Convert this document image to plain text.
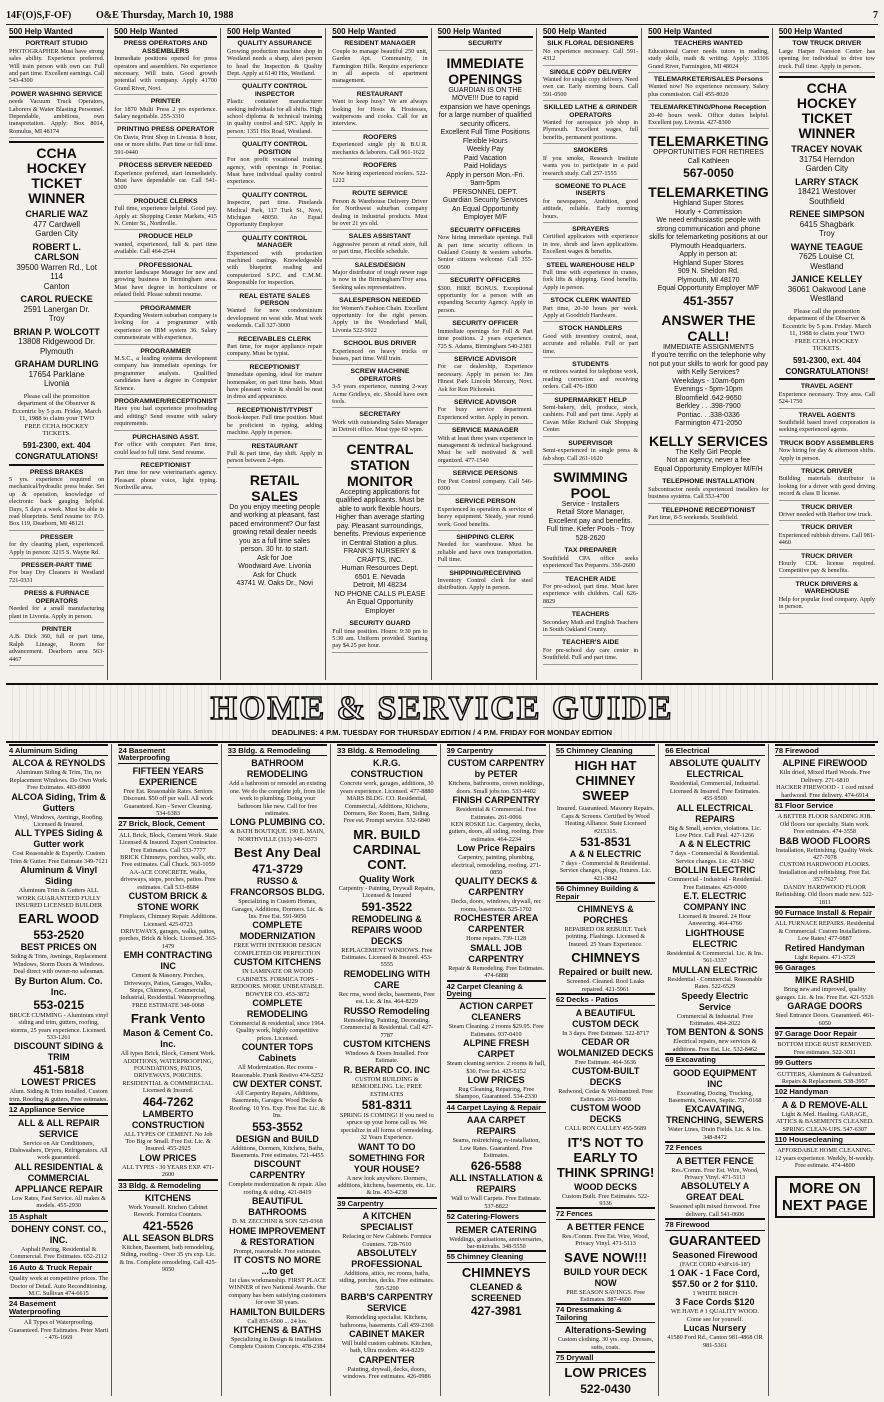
14F(O)S,F-OF)	O&E Thursday, March 10, 1988	7
500 Help Wanted
PORTRAIT STUDIO
PHOTOGRAPHER Must have strong sales ability. Experience preferred. Will train person with own car. Full and part time. Excellent earnings. Call 543-4300
POWER WASHING SERVICE
needs Vacuum Truck Operators, Laborers & Water Blasting Personnel. Dependable, ambitious, own transportation. Apply: Box 8014, Romulus, MI 48174
CCHA HOCKEY TICKET WINNER
CHARLIE WAZ
477 Cardwell
Garden City
ROBERT L. CARLSON
39500 Warren Rd., Lot 114
Canton
CAROL RUECKE
2591 Lanergan Dr.
Troy
BRIAN P. WOLCOTT
13808 Ridgewood Dr.
Plymouth
GRAHAM DURLING
17654 Parklane
Livonia
Please call the promotion department of the Observer & Eccentric by 5 p.m. Friday, March 11, 1988 to claim your TWO FREE CCHA HOCKEY TICKETS.
591-2300, ext. 404
CONGRATULATIONS!
PRESS BRAKES
5 yrs. experience required on mechanical/hydraulic press brake. Set up & operation, knowledge of electronic back gauging helpful. Days, 5 days a week. Must be able to read blueprints. Send resume to: P.O. Box 119, Dearborn, MI 48121
PRESSER
for dry cleaning plant, experienced. Apply in person: 3215 S. Wayne Rd.
PRESSER-PART TIME
For busy Dry Cleaners in Westland 721-0331
PRESS & FURNACE OPERATORS
Needed for a small manufacturing plant in Livonia. Apply in person.
PRINTER
A.B. Dick 360, full or part time, Ralph Lineage, Room for advancement. Dearborn area 563-4467
500 Help Wanted
PRESS OPERATORS AND ASSEMBLERS
Immediate positions opened for press operators and assemblers. No experience necessary. Will train. Good growth potential with company. Apply 41700 Grand River, Novi.
PRINTER
for 1870 Multi Press 2 yrs experience. Salary negotiable. 255-3310
PRINTING PRESS OPERATOR
On Davis, Print Shop in Livonia. 8 hour, one or more shifts. Part time or full time. 591-0440
PROCESS SERVER NEEDED
Experience preferred, start immediately. Must have dependable car. Call 541-0300
PRODUCE CLERKS
Full time, experience helpful. Good pay. Apply at: Shopping Center Markets, 415 N. Center St., Northville.
PRODUCE HELP
wanted, experienced, full & part time available. Call 464-2544
PROFESSIONAL
interior landscape Manager for new and growing business in Birmingham area. Must have degree in horticulture or related field. Please submit resume.
PROGRAMMER
Expanding Western suburban company is looking for a programmer with experience on IBM system 36. Salary commensurate with experience.
PROGRAMMER
M.S.C., a leading systems development company has immediate openings for programmer analysts. Qualified candidates have a degree in Computer Science.
PROGRAMMER/RECEPTIONIST
Have you had experience proofreading and editing? Send resume with salary requirements.
PURCHASING ASST.
For office with computer. Part time, could lead to full time. Send resume.
RECEPTIONIST
Part time for new veterinarian's agency. Pleasant phone voice, light typing. Northville area.
500 Help Wanted
QUALITY ASSURANCE
Growing production machine shop in Westland needs a sharp, alert person to head the Inspection & Quality Dept. Apply at 6140 Hix, Westland.
QUALITY CONTROL INSPECTOR
Plastic container manufacturer seeking individuals for all shifts. High school diploma & technical training in quality control and SPC. Apply in person: 1351 Hix Road, Westland.
QUALITY CONTROL POSITION
For non profit vocational training agency, with openings in Pontiac. Must have individual quality control experience.
QUALITY CONTROL
Inspector, part time. Pinelands Medical Park, 117 Turk St., Novi, Michigan 48050. An Equal Opportunity Employer
QUALITY CONTROL MANAGER
Experienced with production machined castings. Knowledgeable with blueprint reading and computerized S.P.C. and C.M.M. Responsible for inspection.
REAL ESTATE SALES PERSON
Wanted for new condominium development on west side. Must work weekends. Call 327-3000
RECEIVABLES CLERK
Part time, for major appliance repair company. Must be typist.
RECEPTIONIST
Immediate opening, ideal for mature homemaker, on part time basis. Must have pleasant voice & should be neat in dress and appearance.
RECEPTIONIST/TYPIST
Book-keeper. Full time position. Must be proficient in typing, adding machine. Apply in person.
RESTAURANT
Full & part time, day shift. Apply in person between 2-4pm.
RETAIL SALES
Do you enjoy meeting people and working at pleasant, fast paced environment? Our fast growing retail dealer needs you as a full time sales person. 30 hr. to start.
Ask for Joe
Woodward Ave. Livonia
Ask for Chuck
43741 W. Oaks Dr., Novi
500 Help Wanted
RESIDENT MANAGER
Couple to manage beautiful 250 unit, Garden Apt. Community, in Farmington Hills. Require experience in all aspects of apartment management.
RESTAURANT
Want to keep busy? We are always looking for Hosts & Hostesses, waitpersons and cooks. Call for an interview.
ROOFERS
Experienced single ply & B.U.R. mechanics & laborers. Call 961-1622
ROOFERS
Now hiring experienced roofers. 522-1222
ROUTE SERVICE
Person & Warehouse Delivery Driver for Northwest suburban company dealing in industrial products. Must be over 21 yrs old.
SALES ASSISTANT
Aggressive person at retail store, full or part time, Flexible schedule.
SALES/DESIGN
Major distributor of tough newer rage is now in the Birmingham/Troy area. Seeking sales representatives.
SALESPERSON NEEDED
for Women's Fashion Chain. Excellent opportunity for the right person. Apply in the Wonderland Mall, Livonia 522-5922
SCHOOL BUS DRIVER
Experienced on heavy trucks or busses, part time. Will train.
SCREW MACHINE OPERATORS
3-5 years experience, running 2-way Acme Gridleys, etc. Should have own tools.
SECRETARY
Work with outstanding Sales Manager in Detroit office. Must type 60 wpm.
CENTRAL STATION MONITOR
Accepting applications for qualified applicants. Must be able to work flexible hours. Higher than average starting pay. Pleasant surroundings, benefits. Previous experience in Central Station a plus.
FRANK'S NURSERY & CRAFTS, INC.
Human Resources Dept.
6501 E. Nevada
Detroit, MI 48234
NO PHONE CALLS PLEASE
An Equal Opportunity Employer
SECURITY GUARD
Full time position. Hours: 9:30 pm to 5:30 am. Uniform provided. Starting pay $4.25 per hour.
500 Help Wanted
SECURITY
IMMEDIATE OPENINGS
GUARDIAN IS ON THE MOVE!!! Due to rapid expansion we have openings for a large number of qualified security officers.
Excellent Full Time Positions
Flexible Hours
Weekly Pay
Paid Vacation
Paid Holidays
Apply in person Mon.-Fri. 9am-5pm
PERSONNEL DEPT.
Guardian Security Services
An Equal Opportunity Employer M/F
SECURITY OFFICERS
Now hiring immediate openings. Full & part time security officers in Oakland County & western suburbs. Senior citizens welcome. Call 355-0500
SECURITY OFFICERS
$300. HIRE BONUS. Exceptional opportunity for a person with an expanding Security Agency. Apply in person.
SECURITY OFFICER
Immediate openings for Full & Part time positions. 2 years experience. 725 S. Adams, Birmingham 540-2381
SERVICE ADVISOR
For car dealership, Experience necessary. Apply in person to: Jim Hinest Park Lincoln Mercury, Novi. Ask for Ron Pichonski.
SERVICE ADVISOR
For busy service department. Experienced writer. Apply in person.
SERVICE MANAGER
With at least three years experience in management & technical background. Must be self motivated & well organized. 477-1540
SERVICE PERSONS
For Pest Control company. Call 546-0300
SERVICE PERSON
Experienced in operation & service of heavy equipment. Steady, year round work. Good benefits.
SHIPPING CLERK
Needed for warehouse. Must be reliable and have own transportation. Full time.
SHIPPING/RECEIVING
Inventory Control clerk for steel distribution. Apply in person.
500 Help Wanted
SILK FLORAL DESIGNERS
No experience necessary. Call 591-4312
SINGLE COPY DELIVERY
Wanted for single copy delivery. Need own car. Early morning hours. Call 591-0500
SKILLED LATHE & GRINDER OPERATORS
Wanted for aerospace job shop in Plymouth. Excellent wages, full benefits, permanent positions.
SMOKERS
If you smoke, Research Institute wants you to participate in a paid research study. Call 257-1555
SOMEONE TO PLACE INSERTS
for newspapers, Ambition, good attitude, reliable. Early morning hours.
SPRAYERS
Certified applicators with experience in tree, shrub and lawn applications. Excellent wages & benefits.
STEEL WAREHOUSE HELP
Full time with experience in cranes, fork lifts & shipping. Good benefits. Apply in person.
STOCK CLERK WANTED
Part time, 20-30 hours per week. Apply at Goodrich Hardware.
STOCK HANDLERS
Good with inventory control, neat, accurate and reliable. Full or part time.
STUDENTS
or retirees wanted for telephone work, reading correction and receiving orders. Call 476-1800
SUPERMARKET HELP
Semi-bakery, deli, produce, stock, cashiers. Full and part time. Apply at Cavan Mike Richard Oak Shopping Center.
SUPERVISOR
Semi-experienced in single press & fab shop. Call 261-1620
SWIMMING POOL
Service - Installers
Retail Store Manager, Excellent pay and benefits. Full time. Kiefer Pools - Troy 528-2620
TAX PREPARER
Southfield CPA office seeks experienced Tax Preparers. 356-2600
TEACHER AIDE
For pre-school, part time. Must have experience with children. Call 626-8829
TEACHERS
Secondary Math and English Teachers in South Oakland County.
TEACHER'S AIDE
For pre-school day care center in Southfield. Full and part time.
500 Help Wanted
TEACHERS WANTED
Educational Career needs tutors in reading, study skills, math & writing. Apply: 33306 Grand River, Farmington, MI 48024
TELEMARKETER/SALES Persons
Wanted now! No experience necessary. Salary plus commission. Call 455-8020
TELEMARKETING/Phone Reception
20-40 hours week. Office duties helpful. Excellent pay. Livonia. 427-8300
TELEMARKETING
OPPORTUNITIES FOR RETIREES
Call Kathleen
567-0050
TELEMARKETING
Highland Super Stores
Hourly + Commission
We need enthusiastic people with strong communication and phone skills for telemarketing positions at our Plymouth Headquarters.
Apply in person at:
Highland Super Stores
909 N. Sheldon Rd.
Plymouth, MI 48170
Equal Opportunity Employer M/F
451-3557
ANSWER THE CALL!
IMMEDIATE ASSIGNMENTS
If you're terrific on the telephone why not put your skills to work for good pay with Kelly Services?
Weekdays - 10am-6pm
Evenings - 5pm-10pm
Bloomfield .642-9650
Berkley . . .398-7900
Pontiac. . .338-0336
Farmington 471-2050
KELLY SERVICES
The Kelly Girl People
Not an agency, never a fee
Equal Opportunity Employer M/F/H
TELEPHONE INSTALLATION
Subcontractor needs experienced installers for business systems. Call 553-4700
TELEPHONE RECEPTIONIST
Part time, 8-5 weekends. Southfield.
500 Help Wanted
TOW TRUCK DRIVER
Large Harper Nansion Center has opening for individual to drive tow truck. Full time. Apply in person.
CCHA HOCKEY TICKET WINNER
TRACEY NOVAK
31754 Herndon
Garden City
LARRY STACK
18421 Westover
Southfield
RENEE SIMPSON
6415 Shagbark
Troy
WAYNE TEAGUE
7625 Louise Ct.
Westland
JANICE KELLEY
36061 Oakwood Lane
Westland
Please call the promotion department of the Observer & Eccentric by 5 p.m. Friday. March 11, 1988 to claim your TWO FREE CCHA HOCKEY TICKETS.
591-2300, ext. 404
CONGRATULATIONS!
TRAVEL AGENT
Experience necessary. Troy area. Call 524-1750
TRAVEL AGENTS
Southfield based travel corporation is seeking experienced agents.
TRUCK BODY ASSEMBLERS
Now hiring for day & afternoon shifts. Apply in person.
TRUCK DRIVER
Building materials distributor is looking for a driver with good driving record & class II license.
TRUCK DRIVER
Driver needed with Harbor tow truck.
TRUCK DRIVER
Experienced rubbish drivers. Call 981-4460
TRUCK DRIVER
Hourly CDL license required. Competitive pay & benefits.
TRUCK DRIVERS & WAREHOUSE
Help for popular food company. Apply in person.
HOME & SERVICE GUIDE
DEADLINES: 4 P.M. TUESDAY FOR THURSDAY EDITION / 4 P.M. FRIDAY FOR MONDAY EDITION
4 Aluminum Siding
ALCOA & REYNOLDS
Aluminum Siding & Trim, Tin, no Replacement Windows. Do Own Work. Free Estimates. 483-8800
ALCOA Siding, Trim & Gutters
Vinyl, Windows, Awnings, Roofing. Licensed & Insured.
ALL TYPES Siding & Gutter work
Cost Reasonable & Expertly. Custom Trim & Gutter. Free Estimate 349-7121
Aluminum & Vinyl Siding
Aluminum Trim & Gutters ALL WORK GUARANTEED FULLY INSURED LICENSED BUILDER
EARL WOOD
553-2520
BEST PRICES ON
Siding & Trim, Awnings, Replacement Windows, Storm Doors & Windows. Deal direct with owner-no salesman.
By Burton Alum. Co. Inc.
553-0215
BRUCE CUMMING - Aluminum vinyl siding and trim, gutters, roofing, storms, 25 years experience. Licensed. 533-1261
DISCOUNT SIDING & TRIM
451-5818
LOWEST PRICES
Alum. Siding & Trim installed. Custom trim. Roofing & gutters, Free estimates.
12 Appliance Service
ALL & ALL REPAIR SERVICE
Service on Air Conditioners, Dishwashers, Dryers, Refrigerators. All work guaranteed.
ALL RESIDENTIAL & COMMERCIAL APPLIANCE REPAIR
Low Rates, Fast Service. All makes & models. 455-2930
15 Asphalt
DOHENY CONST. CO., INC.
Asphalt Paving, Residential & Commercial. Free Estimates. 652-2112
16 Auto & Truck Repair
Quality work at competitive prices. The Doctor of Detail. Auto Reconditioning. M.C. Sullivan 474-6615
24 Basement Waterproofing
All Types of Waterproofing. Guaranteed. Free Estimates. Peter Marti - 476-1669
24 Basement Waterproofing
FIFTEEN YEARS EXPERIENCE
Free Est. Reasonable Rates. Seniors Discount. $50 off per wall. All work Guaranteed. Ken - Sewer Cleaning. 534-6383
27 Brick, Block, Cement
ALL Brick, Block, Cement Work. State Licensed & Insured. Expert Contractor. Free Estimates. Call 533-7777
BRICK Chimneys, porches, walls, etc. Free estimates. Call Chuck. 563-1059
AA-ACE CONCRETE. Walks, driveways, steps, porches, patios. Free estimates. Call 533-8684
CUSTOM BRICK & STONE WORK
Fireplaces, Chimney Repair. Additions. Licensed. 425-0723
DRIVEWAYS, garages, walks, patios, porches, Brick & block. Licensed. 363-1479
EMH CONTRACTING INC
Cement & Masonry. Porches, Driveways, Patios, Garages, Walks, Steps, Chimneys, Commercial, Industrial, Residential. Waterproofing. FREE ESTIMATE 348-0068
Frank Vento
Mason & Cement Co. Inc.
All types Brick, Block, Cement Work. ADDITIONS, WATERPROOFING, FOUNDATIONS, PATIOS, DRIVEWAYS, PORCHES. RESIDENTIAL & COMMERCIAL. Licensed & Insured.
464-7262
LAMBERTO CONSTRUCTION
ALL TYPES OF CEMENT. No Job Too Big or Small. Free Est. Lic. & Insured. 455-2925
LOW PRICES
ALL TYPES - 30 YEARS EXP. 471-2600
33 Bldg. & Remodeling
KITCHENS
Work Yourself. Kitchen Cabinet Rework. Formica Counters.
421-5526
ALL SEASON BLDRS
Kitchen, Basement, bath remodeling, Siding, roofing - Over 35 yrs exp. Lic. & Ins. Complete remodeling. Call 425-9050
33 Bldg. & Remodeling
BATHROOM REMODELING
Add a bathroom or remodel an existing one. We do the complete job, from tile work to plumbing. Doing your bathroom like new. Call for free estimates.
LONG PLUMBING CO.
& BATH BOUTIQUE. 190 E. MAIN, NORTHVILLE (313) 349-0373
Best Any Deal
471-3729
RUSSO & FRANCORSOS BLDG.
Specializing in Custom Homes, Garages, Additions, Dormers. Lic. & Ins. Free Est. 591-9056
COMPLETE MODERNIZATION
FREE WITH INTERIOR DESIGN COMPLETED OR PERFECTION
CUSTOM KITCHENS
IN LAMINATE OR WOOD CABINETS. FORMICA TOPS - REDOORS. MORE UNBEATABLE. BOWYER CO. 453-3872
COMPLETE REMODELING
Commercial & residential, since 1964. Quality work, highly competitive prices. Licensed.
COUNTER TOPS Cabinets
All Modernization. Rec rooms - Reasonable. Frank Restivo 474-5252
CW DEXTER CONST.
All Carpentry Repairs, Additions, Basements, Garages. Wood Decks & Roofing. 10 Yrs. Exp. Free Est. Lic. & Ins.
553-3552
DESIGN and BUILD
Additions, Dormers, Kitchens, Baths, Basements. Free estimates. 721-4455
DISCOUNT CARPENTRY
Complete modernization & repair. Also roofing & siding. 421-8419
BEAUTIFUL BATHROOMS
D. M. ZECCHINI & SON 525-0368
HOME IMPROVEMENT & RESTORATION
Prompt, reasonable. Free estimates.
IT COSTS NO MORE ...to get
1st class workmanship. FIRST PLACE WINNER of two National Awards. Our company has been satisfying customers for over 30 years.
HAMILTON BUILDERS
Call 855-6500 ... 24 hrs.
KITCHENS & BATHS
Specializing in Design & installation. Complete Custom Concepts. 478-2384
33 Bldg. & Remodeling
K.R.G. CONSTRUCTION
Concrete work, garages, additions, 30 years experience. Licensed. 477-8880
MARS BLDG. CO. Residential, Commercial, Additions, Kitchens, Dormers, Rec Room, Barn, Siding. Free est. Prompt service. 532-6840
MR. BUILD CARDINAL CONT.
Quality Work
Carpentry - Painting, Drywall Repairs, Licensed & Insured
591-3522
REMODELING & REPAIRS WOOD DECKS
REPLACEMENT WINDOWS. Free Estimates. Licensed & Insured. 453-5555
REMODELING WITH CARE
Rec rms, wood decks, basements, Free est. Lic. & Ins. 464-8229
RUSSO Remodeling
Remodeling, Painting, Decorating. Commercial & Residential. Call 427-7787
CUSTOM KITCHENS
Windows & Doors Installed. Free Estimate.
R. BERARD CO. INC
CUSTOM BUILDING & REMODELING. Lic. FREE ESTIMATES
581-8311
SPRING IS COMING! If you need to spruce up your home call us. We specialize in all forms of remodeling. 32 Years Experience.
WANT TO DO SOMETHING FOR YOUR HOUSE?
A new look anywhere. Dormers, additions, kitchens, basements, etc. Lic. & Ins. 453-4238
39 Carpentry
A KITCHEN SPECIALIST
Refacing or New Cabinets. Formica Counters. 728-7610
ABSOLUTELY PROFESSIONAL
Additions, attics, rec rooms, baths, siding, porches, decks. Free estimates. 595-5290
BARB'S CARPENTRY SERVICE
Remodeling specialist. Kitchens, bathrooms, basements. Call 459-2366
CABINET MAKER
Will build custom cabinets. Kitchen, bath, Ultra modern. 464-8229
CARPENTER
Painting, drywall, decks, doors, windows. Free estimates. 426-0986
39 Carpentry
CUSTOM CARPENTRY by PETER
Kitchens, bathrooms, crown moldings, doors. Small jobs too. 533-4402
FINISH CARPENTRY
Residential & Commercial. Free Estimates. 261-0066
KEN ROSKE Lic. Carpentry, decks, gutters, doors, all siding, roofing. Free estimates. 464-2234
Low Price Repairs
Carpentry, painting, plumbing, electrical, remodeling, roofing. 271-0850
QUALITY DECKS & CARPENTRY
Decks, doors, windows, drywall, rec rooms, basements. 525-1702
ROCHESTER AREA CARPENTER
Home repairs. 739-1128
SMALL JOB CARPENTRY
Repair & Remodeling. Free Estimates. 474-6888
42 Carpet Cleaning & Dyeing
ACTION CARPET CLEANERS
Steam Cleaning. 2 rooms $29.95. Free Estimates. 937-0410
ALPINE FRESH CARPET
Steam cleaning service. 2 rooms & hall, $30. Free Est. 425-5152
LOW PRICES
Rug Cleaning, Repairing, Free Shampoo, Guaranteed. 534-2330
44 Carpet Laying & Repair
AAA CARPET REPAIRS
Seams, restretching, re-installation, Low Rates. Guaranteed. Free Estimates.
626-5588
ALL INSTALLATION & REPAIRS
Wall to Wall Carpets. Free Estimate. 537-8822
52 Catering-Flowers
REMER CATERING
Weddings, graduations, anniversaries, bar-mitzvahs. 348-5550
55 Chimney Cleaning
CHIMNEYS
CLEANED & SCREENED
427-3981
55 Chimney Cleaning
HIGH HAT CHIMNEY SWEEP
Insured. Guaranteed. Masonry Repairs. Caps & Screens. Certified by Wood Heating Alliance. State Licensed #215315.
531-8531
A & N ELECTRIC
7 days - Commercial & Residential. Service changes, plugs, fixtures. Lic. 421-3842
56 Chimney Building & Repair
CHIMNEYS & PORCHES
REPAIRED OR REBUILT. Tuck pointing. Flashings. Licensed & Insured. 25 Years Experience.
CHIMNEYS
Repaired or built new.
Screened. Cleaned. Roof Leaks repaired. 421-5961
62 Decks - Patios
A BEAUTIFUL CUSTOM DECK
In 3 days. Free Estimate. 522-8717
CEDAR OR WOLMANIZED DECKS
Free Estimate. 464-3636
CUSTOM-BUILT DECKS
Redwood, Cedar & Wolmanized. Free Estimates. 261-0098
CUSTOM WOOD DECKS
CALL RON CALLEY 455-5689
IT'S NOT TO EARLY TO THINK SPRING!
WOOD DECKS
Custom Built. Free Estimates. 522-9336
72 Fences
A BETTER FENCE
Res./Comm. Free Est. Wire, Wood, Privacy Vinyl. 471-5113
SAVE NOW!!!
BUILD YOUR DECK NOW
PRE SEASON SAVINGS. Free Estimates. 887-4600
74 Dressmaking & Tailoring
Alterations-Sewing
Custom clothing. 30 yrs. exp. Dresses, suits, coats.
75 Drywall
LOW PRICES
522-0430
66 Electrical
ABSOLUTE QUALITY ELECTRICAL
Residential, Commercial, Industrial. Licensed & Insured. Free Estimates. 455-9500
ALL ELECTRICAL REPAIRS
Big & Small, service, violations. Lic. Low Price. Call Paul. 427-1266
A & N ELECTRIC
7 days - Commercial & Residential. Service changes. Lic. 421-3842
BOLLIN ELECTRIC
Commercial - Industrial - Residential. Free Estimates. 425-0000
E.T. ELECTRIC COMPANY INC
Licensed & Insured. 24 Hour Answering. 464-4766
LIGHTHOUSE ELECTRIC
Residential & Commercial. Lic. & Ins. 561-3337
MULLAN ELECTRIC
Residential - Commercial. Reasonable Rates. 522-6529
Speedy Electric Service
Commercial & Industrial. Free Estimates. 484-2022
TOM BENTON & SONS
Electrical repairs, new services & additions. Free Est. Lic. 532-8462
69 Excavating
GOOD EQUIPMENT INC
Excavating, Dozing, Trucking, Basements, Sewers, Septic. 737-0168
EXCAVATING, TRENCHING, SEWERS
Water Lines, Drain Fields. Lic. & Ins. 348-8472
72 Fences
A BETTER FENCE
Res./Comm. Free Est. Wire, Wood, Privacy Vinyl. 471-5113
ABSOLUTELY A GREAT DEAL
Seasoned split mixed firewood. Free delivery. Call 541-0606
78 Firewood
GUARANTEED
Seasoned Firewood
(FACE CORD 4'x8'x16-18')
1 OAK - 1 Face Cord, $57.50 or 2 for $110.
1 WHITE BIRCH
3 Face Cords $120
WE HAVE # 1 QUALITY WOOD. Come see for yourself.
Lucas Nursery
41580 Ford Rd., Canton 981-4868 OR 981-5361
78 Firewood
ALPINE FIREWOOD
Kiln dried, Mixed Hard Woods. Free Delivery. 271-6810
HACKER FIREWOOD - 1 cord mixed hardwood. Free delivery. 474-6914
81 Floor Service
A BETTER FLOOR SANDING JOB. Old floors our specialty. Stain work. Free estimates. 474-3558
B&B WOOD FLOORS
Installation, Refinishing. Quality Work. 427-7078
CUSTOM HARDWOOD FLOORS. Installation and refinishing. Free Est. 357-7627
DANDY HARDWOOD FLOOR Refinishing. Old floors made new. 522-1811
90 Furnace Install & Repair
ALL FURNACE REPAIRS. Residential & Commercial. Custom Installations. Low Rates! 477-0887
Retired Handyman
Light Repairs. 471-3729
96 Garages
MIKE RASHID
Bring new and improved, quality garages. Lic. & Ins. Free Est. 421-5526
GARAGE DOORS
Steel Entrance Doors. Guaranteed. 461-6050
97 Garage Door Repair
BOTTOM EDGE RUST REMOVED. Free estimates. 522-3011
99 Gutters
GUTTERS, Aluminum & Galvanized. Repairs & Replacement. 538-3957
102 Handyman
A & D REMOVE-ALL
Light & Med. Hauling. GARAGE, ATTICS & BASEMENTS CLEANED. SPRING CLEAN-UPS. 547-6307
110 Housecleaning
AFFORDABLE HOME CLEANING. 12 years experience. Weekly, bi-weekly. Free estimate. 474-4800
MORE ON NEXT PAGE
